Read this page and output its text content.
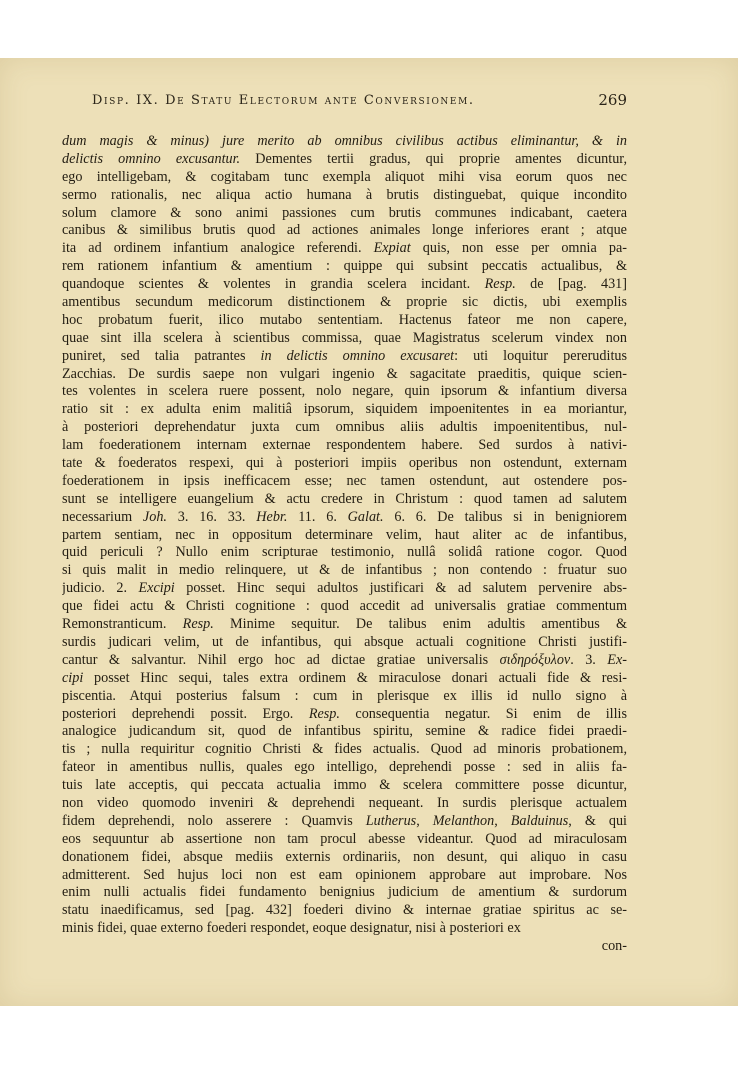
Disp. IX. De Statu Electorum ante Conversionem.	269
dum magis & minus) jure merito ab omnibus civilibus actibus eliminantur, & in
delictis omnino excusantur. Dementes tertii gradus, qui proprie amentes dicuntur,
ego intelligebam, & cogitabam tunc exempla aliquot mihi visa eorum quos nec
sermo rationalis, nec aliqua actio humana à brutis distinguebat, quique incondito
solum clamore & sono animi passiones cum brutis communes indicabant, caetera
canibus & similibus brutis quod ad actiones animales longe inferiores erant ; atque
ita ad ordinem infantium analogice referendi. Expiat quis, non esse per omnia pa-
rem rationem infantium & amentium : quippe qui subsint peccatis actualibus, &
quandoque scientes & volentes in grandia scelera incidant. Resp. de [pag. 431]
amentibus secundum medicorum distinctionem & proprie sic dictis, ubi exemplis
hoc probatum fuerit, ilico mutabo sententiam. Hactenus fateor me non capere,
quae sint illa scelera à scientibus commissa, quae Magistratus scelerum vindex non
puniret, sed talia patrantes in delictis omnino excusaret: uti loquitur pereruditus
Zacchias. De surdis saepe non vulgari ingenio & sagacitate praeditis, quique scien-
tes volentes in scelera ruere possent, nolo negare, quin ipsorum & infantium diversa
ratio sit : ex adulta enim malitiâ ipsorum, siquidem impoenitentes in ea moriantur,
à posteriori deprehendatur juxta cum omnibus aliis adultis impoenitentibus, nul-
lam foederationem internam externae respondentem habere. Sed surdos à nativi-
tate & foederatos respexi, qui à posteriori impiis operibus non ostendunt, externam
foederationem in ipsis inefficacem esse; nec tamen ostendunt, aut ostendere pos-
sunt se intelligere euangelium & actu credere in Christum : quod tamen ad salutem
necessarium Joh. 3. 16. 33. Hebr. 11. 6. Galat. 6. 6. De talibus si in benigniorem
partem sentiam, nec in oppositum determinare velim, haut aliter ac de infantibus,
quid periculi ? Nullo enim scripturae testimonio, nullâ solidâ ratione cogor. Quod
si quis malit in medio relinquere, ut & de infantibus ; non contendo : fruatur suo
judicio. 2. Excipi posset. Hinc sequi adultos justificari & ad salutem pervenire abs-
que fidei actu & Christi cognitione : quod accedit ad universalis gratiae commentum
Remonstranticum. Resp. Minime sequitur. De talibus enim adultis amentibus &
surdis judicari velim, ut de infantibus, qui absque actuali cognitione Christi justifi-
cantur & salvantur. Nihil ergo hoc ad dictae gratiae universalis σιδηρόξυλον. 3. Ex-
cipi posset Hinc sequi, tales extra ordinem & miraculose donari actuali fide & resi-
piscentia. Atqui posterius falsum : cum in plerisque ex illis id nullo signo à
posteriori deprehendi possit. Ergo. Resp. consequentia negatur. Si enim de illis
analogice judicandum sit, quod de infantibus spiritu, semine & radice fidei praedi-
tis ; nulla requiritur cognitio Christi & fides actualis. Quod ad minoris probationem,
fateor in amentibus nullis, quales ego intelligo, deprehendi posse : sed in aliis fa-
tuis late acceptis, qui peccata actualia immo & scelera committere posse dicuntur,
non video quomodo inveniri & deprehendi nequeant. In surdis plerisque actualem
fidem deprehendi, nolo asserere : Quamvis Lutherus, Melanthon, Balduinus, & qui
eos sequuntur ab assertione non tam procul abesse videantur. Quod ad miraculosam
donationem fidei, absque mediis externis ordinariis, non desunt, qui aliquo in casu
admitterent. Sed hujus loci non est eam opinionem approbare aut improbare. Nos
enim nulli actualis fidei fundamento benignius judicium de amentium & surdorum
statu inaedificamus, sed [pag. 432] foederi divino & internae gratiae spiritus ac se-
minis fidei, quae externo foederi respondet, eoque designatur, nisi à posteriori ex
con-
